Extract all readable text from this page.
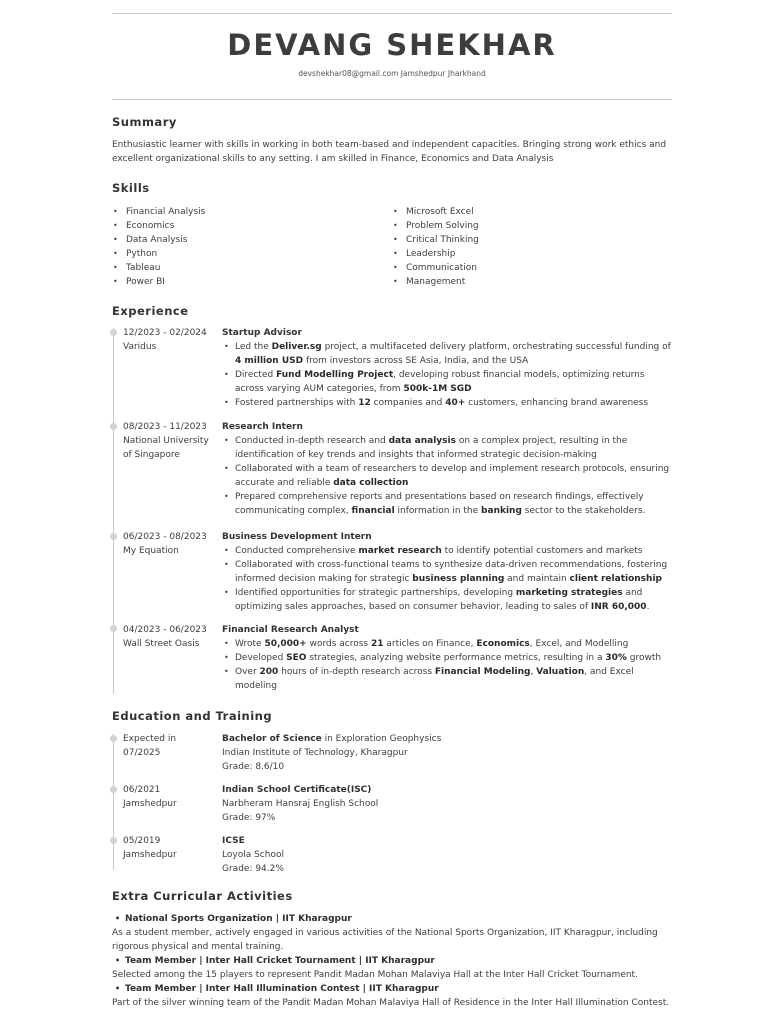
DEVANG SHEKHAR
devshekhar08@gmail.com Jamshedpur Jharkhand
Summary
Enthusiastic learner with skills in working in both team-based and independent capacities. Bringing strong work ethics and excellent organizational skills to any setting. I am skilled in Finance, Economics and Data Analysis
Skills
• Financial Analysis
• Economics
• Data Analysis
• Python
• Tableau
• Power BI
• Microsoft Excel
• Problem Solving
• Critical Thinking
• Leadership
• Communication
• Management
Experience
12/2023 - 02/2024
Varidus
Startup Advisor
• Led the Deliver.sg project, a multifaceted delivery platform, orchestrating successful funding of 4 million USD from investors across SE Asia, India, and the USA
• Directed Fund Modelling Project, developing robust financial models, optimizing returns across varying AUM categories, from 500k-1M SGD
• Fostered partnerships with 12 companies and 40+ customers, enhancing brand awareness
08/2023 - 11/2023
National University of Singapore
Research Intern
• Conducted in-depth research and data analysis on a complex project, resulting in the identification of key trends and insights that informed strategic decision-making
• Collaborated with a team of researchers to develop and implement research protocols, ensuring accurate and reliable data collection
• Prepared comprehensive reports and presentations based on research findings, effectively communicating complex, financial information in the banking sector to the stakeholders.
06/2023 - 08/2023
My Equation
Business Development Intern
• Conducted comprehensive market research to identify potential customers and markets
• Collaborated with cross-functional teams to synthesize data-driven recommendations, fostering informed decision making for strategic business planning and maintain client relationship
• Identified opportunities for strategic partnerships, developing marketing strategies and optimizing sales approaches, based on consumer behavior, leading to sales of INR 60,000.
04/2023 - 06/2023
Wall Street Oasis
Financial Research Analyst
• Wrote 50,000+ words across 21 articles on Finance, Economics, Excel, and Modelling
• Developed SEO strategies, analyzing website performance metrics, resulting in a 30% growth
• Over 200 hours of in-depth research across Financial Modeling, Valuation, and Excel modeling
Education and Training
Expected in 07/2025
Bachelor of Science in Exploration Geophysics
Indian Institute of Technology, Kharagpur
Grade: 8.6/10
06/2021
Jamshedpur
Indian School Certificate(ISC)
Narbheram Hansraj English School
Grade: 97%
05/2019
Jamshedpur
ICSE
Loyola School
Grade: 94.2%
Extra Curricular Activities
• National Sports Organization | IIT Kharagpur
As a student member, actively engaged in various activities of the National Sports Organization, IIT Kharagpur, including rigorous physical and mental training.
• Team Member | Inter Hall Cricket Tournament | IIT Kharagpur
Selected among the 15 players to represent Pandit Madan Mohan Malaviya Hall at the Inter Hall Cricket Tournament.
• Team Member | Inter Hall Illumination Contest | IIT Kharagpur
Part of the silver winning team of the Pandit Madan Mohan Malaviya Hall of Residence in the Inter Hall Illumination Contest.
